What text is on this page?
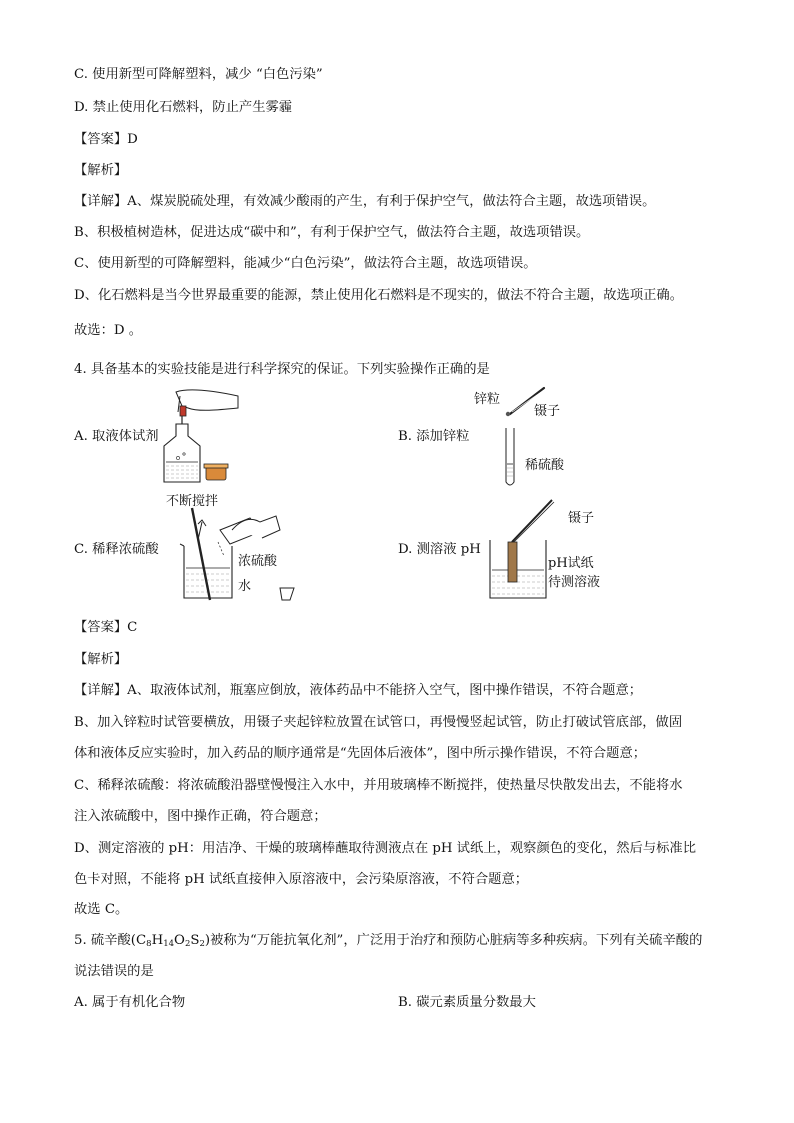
C. 使用新型可降解塑料，减少 “白色污染”
D. 禁止使用化石燃料，防止产生雾霾
【答案】D
【解析】
【详解】A、煤炭脱硫处理，有效减少酸雨的产生，有利于保护空气，做法符合主题，故选项错误。
B、积极植树造林，促进达成“碳中和”，有利于保护空气，做法符合主题，故选项错误。
C、使用新型的可降解塑料，能减少“白色污染”，做法符合主题，故选项错误。
D、化石燃料是当今世界最重要的能源，禁止使用化石燃料是不现实的，做法不符合主题，故选项正确。
故选：D 。
4. 具备基本的实验技能是进行科学探究的保证。下列实验操作正确的是
A. 取液体试剂	B. 添加锌粒
C. 稀释浓硫酸	D. 测溶液 pH
锌粒
镊子
稀硫酸
不断搅拌
浓硫酸
水
镊子
pH试纸
待测溶液
【答案】C
【解析】
【详解】A、取液体试剂，瓶塞应倒放，液体药品中不能挤入空气，图中操作错误，不符合题意；
B、加入锌粒时试管要横放，用镊子夹起锌粒放置在试管口，再慢慢竖起试管，防止打破试管底部，做固
体和液体反应实验时，加入药品的顺序通常是“先固体后液体”，图中所示操作错误，不符合题意；
C、稀释浓硫酸：将浓硫酸沿器壁慢慢注入水中，并用玻璃棒不断搅拌，使热量尽快散发出去，不能将水
注入浓硫酸中，图中操作正确，符合题意；
D、测定溶液的 pH：用洁净、干燥的玻璃棒蘸取待测液点在 pH 试纸上，观察颜色的变化，然后与标准比
色卡对照，不能将 pH 试纸直接伸入原溶液中，会污染原溶液，不符合题意；
故选 C。
5. 硫辛酸$(C_8H_{14}O_2S_2)$被称为“万能抗氧化剂”，广泛用于治疗和预防心脏病等多种疾病。下列有关硫辛酸的
说法错误的是
A. 属于有机化合物	B. 碳元素质量分数最大
